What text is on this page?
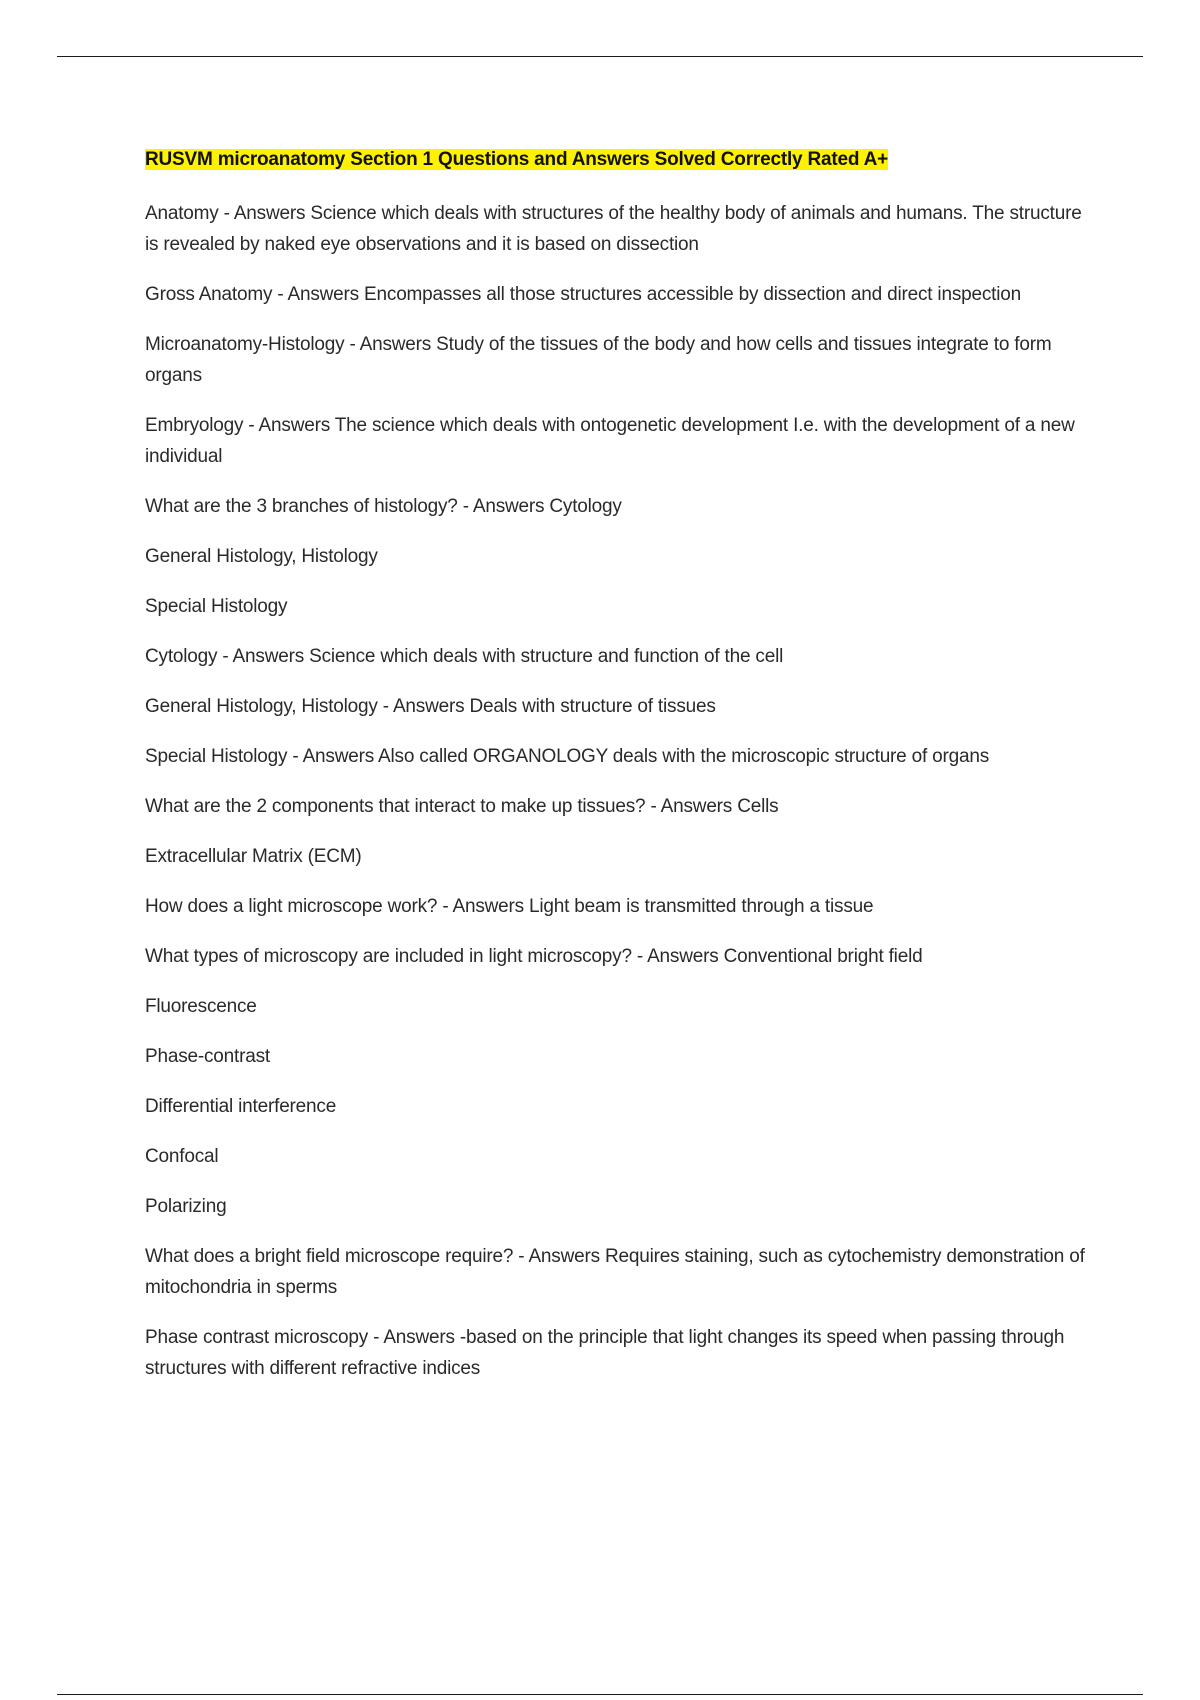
RUSVM microanatomy Section 1 Questions and Answers Solved Correctly Rated A+

Anatomy - Answers Science which deals with structures of the healthy body of animals and humans. The structure is revealed by naked eye observations and it is based on dissection

Gross Anatomy - Answers Encompasses all those structures accessible by dissection and direct inspection

Microanatomy-Histology - Answers Study of the tissues of the body and how cells and tissues integrate to form organs

Embryology - Answers The science which deals with ontogenetic development I.e. with the development of a new individual

What are the 3 branches of histology? - Answers Cytology

General Histology, Histology

Special Histology

Cytology - Answers Science which deals with structure and function of the cell

General Histology, Histology - Answers Deals with structure of tissues

Special Histology - Answers Also called ORGANOLOGY deals with the microscopic structure of organs

What are the 2 components that interact to make up tissues? - Answers Cells

Extracellular Matrix (ECM)

How does a light microscope work? - Answers Light beam is transmitted through a tissue

What types of microscopy are included in light microscopy? - Answers Conventional bright field

Fluorescence

Phase-contrast

Differential interference

Confocal

Polarizing

What does a bright field microscope require? - Answers Requires staining, such as cytochemistry demonstration of mitochondria in sperms

Phase contrast microscopy - Answers -based on the principle that light changes its speed when passing through structures with different refractive indices
